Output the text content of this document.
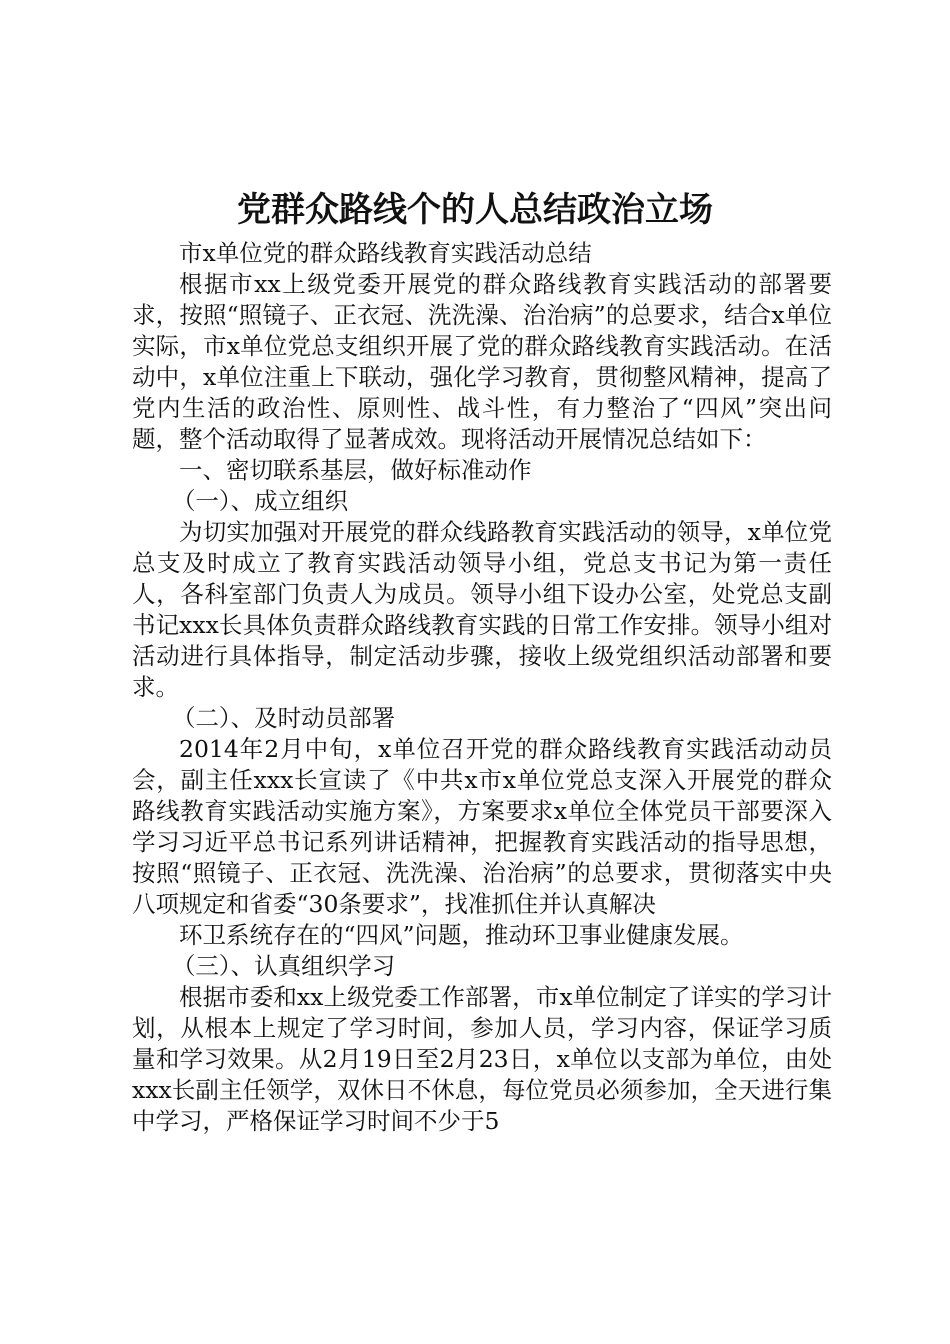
党群众路线个的人总结政治立场

市x单位党的群众路线教育实践活动总结

根据市xx上级党委开展党的群众路线教育实践活动的部署要求，按照“照镜子、正衣冠、洗洗澡、治治病”的总要求，结合x单位实际，市x单位党总支组织开展了党的群众路线教育实践活动。在活动中，x单位注重上下联动，强化学习教育，贯彻整风精神，提高了党内生活的政治性、原则性、战斗性，有力整治了“四风”突出问题，整个活动取得了显著成效。现将活动开展情况总结如下：

一、密切联系基层，做好标准动作

（一）、成立组织

为切实加强对开展党的群众线路教育实践活动的领导，x单位党总支及时成立了教育实践活动领导小组，党总支书记为第一责任人，各科室部门负责人为成员。领导小组下设办公室，处党总支副书记xxx长具体负责群众路线教育实践的日常工作安排。领导小组对活动进行具体指导，制定活动步骤，接收上级党组织活动部署和要求。

（二）、及时动员部署

2014年2月中旬，x单位召开党的群众路线教育实践活动动员会，副主任xxx长宣读了《中共x市x单位党总支深入开展党的群众路线教育实践活动实施方案》，方案要求x单位全体党员干部要深入学习习近平总书记系列讲话精神，把握教育实践活动的指导思想，按照“照镜子、正衣冠、洗洗澡、治治病”的总要求，贯彻落实中央八项规定和省委“30条要求”，找准抓住并认真解决

环卫系统存在的“四风”问题，推动环卫事业健康发展。

（三）、认真组织学习

根据市委和xx上级党委工作部署，市x单位制定了详实的学习计划，从根本上规定了学习时间，参加人员，学习内容，保证学习质量和学习效果。从2月19日至2月23日，x单位以支部为单位，由处xxx长副主任领学，双休日不休息，每位党员必须参加，全天进行集中学习，严格保证学习时间不少于5
